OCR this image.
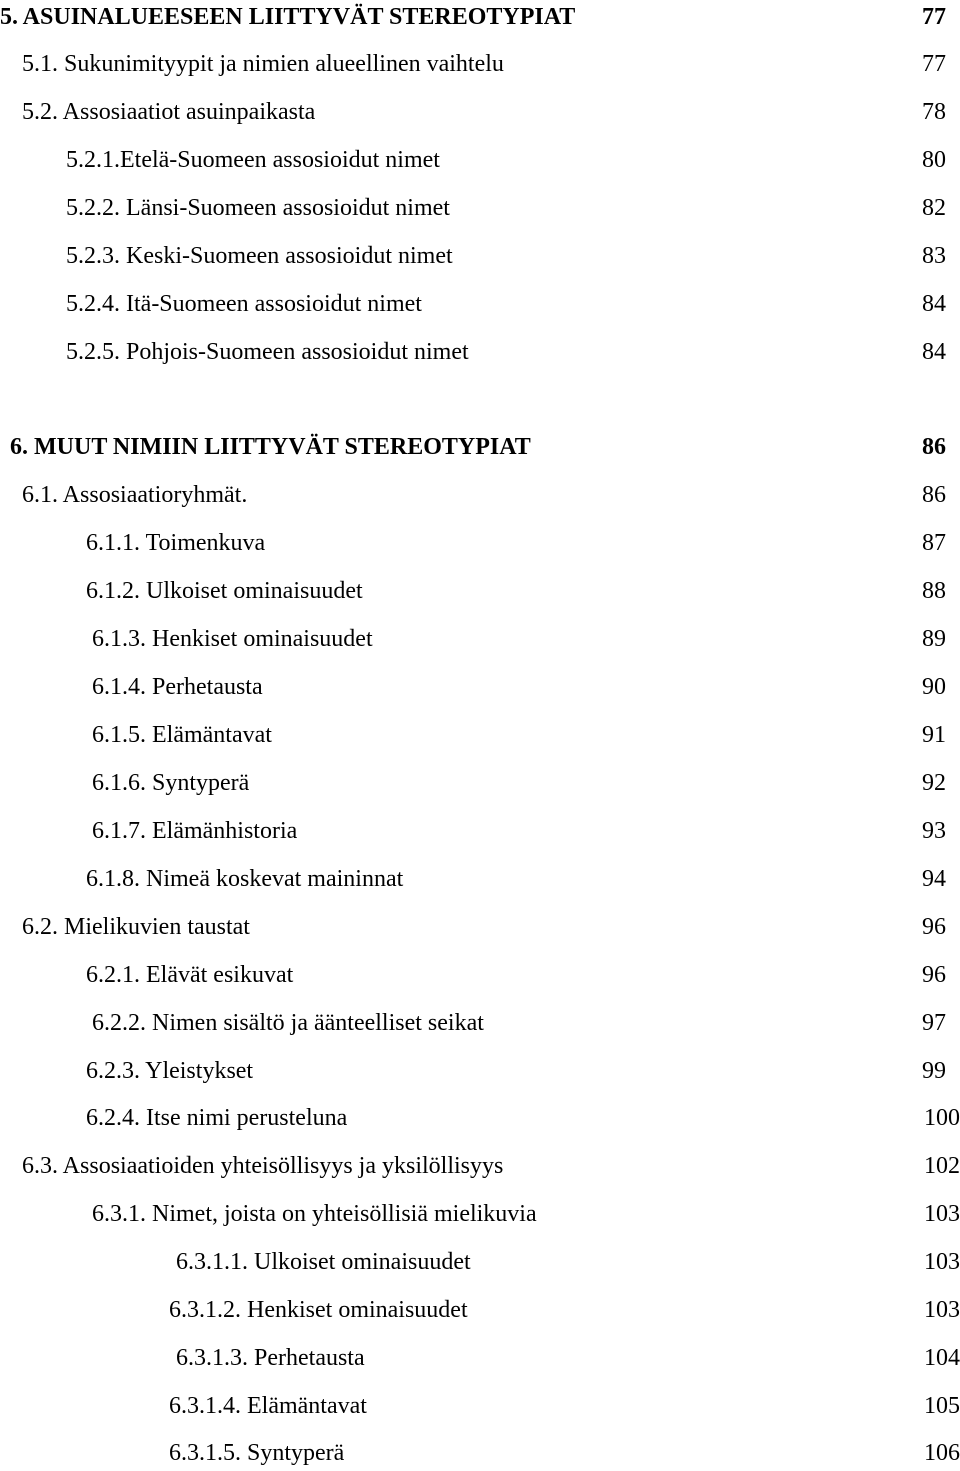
5. ASUINALUEESEEN LIITTYVÄT STEREOTYPIAT	77
5.1. Sukunimityypit ja nimien alueellinen vaihtelu	77
5.2. Assosiaatiot asuinpaikasta	78
5.2.1.Etelä-Suomeen assosioidut nimet	80
5.2.2. Länsi-Suomeen assosioidut nimet	82
5.2.3. Keski-Suomeen assosioidut nimet	83
5.2.4. Itä-Suomeen assosioidut nimet	84
5.2.5. Pohjois-Suomeen assosioidut nimet	84
6. MUUT NIMIIN LIITTYVÄT STEREOTYPIAT	86
6.1. Assosiaatioryhmät.	86
6.1.1. Toimenkuva	87
6.1.2. Ulkoiset ominaisuudet	88
6.1.3. Henkiset ominaisuudet	89
6.1.4. Perhetausta	90
6.1.5. Elämäntavat	91
6.1.6. Syntyperä	92
6.1.7. Elämänhistoria	93
6.1.8. Nimeä koskevat maininnat	94
6.2. Mielikuvien taustat	96
6.2.1. Elävät esikuvat	96
6.2.2. Nimen sisältö ja äänteelliset seikat	97
6.2.3. Yleistykset	99
6.2.4. Itse nimi perusteluna	100
6.3. Assosiaatioiden yhteisöllisyys ja yksilöllisyys	102
6.3.1. Nimet, joista on yhteisöllisiä mielikuvia	103
6.3.1.1. Ulkoiset ominaisuudet	103
6.3.1.2. Henkiset ominaisuudet	103
6.3.1.3. Perhetausta	104
6.3.1.4. Elämäntavat	105
6.3.1.5. Syntyperä	106
